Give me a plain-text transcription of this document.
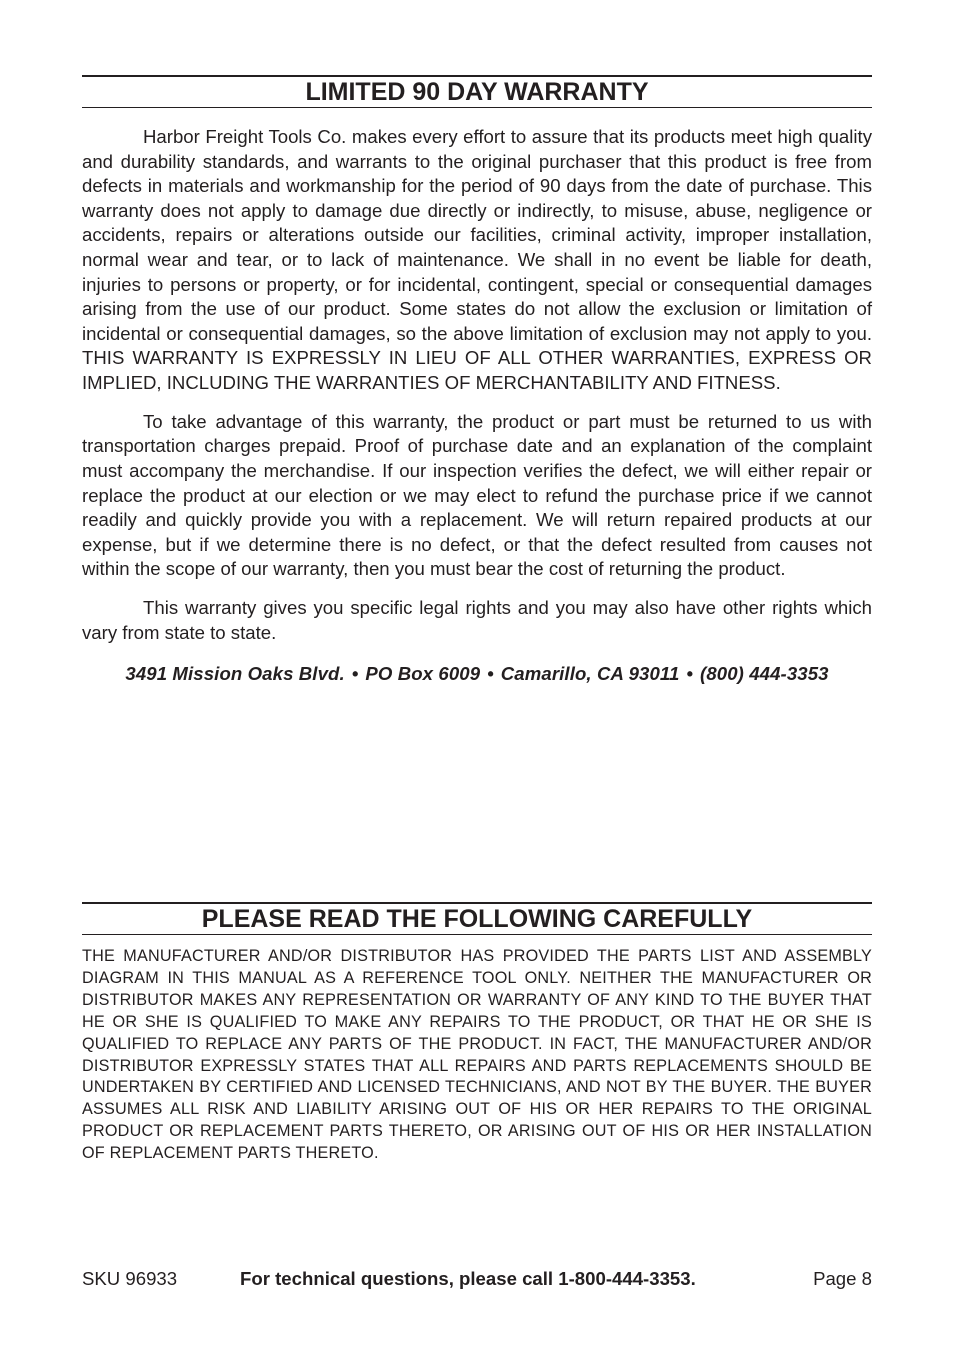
LIMITED 90 DAY WARRANTY

Harbor Freight Tools Co. makes every effort to assure that its products meet high quality and durability standards, and warrants to the original purchaser that this product is free from defects in materials and workmanship for the period of 90 days from the date of purchase. This warranty does not apply to damage due directly or indirectly, to misuse, abuse, negligence or accidents, repairs or alterations outside our facilities, criminal activity, improper installation, normal wear and tear, or to lack of maintenance. We shall in no event be liable for death, injuries to persons or property, or for incidental, contingent, special or consequential damages arising from the use of our product. Some states do not allow the exclusion or limitation of incidental or consequential damages, so the above limitation of exclusion may not apply to you. THIS WARRANTY IS EXPRESSLY IN LIEU OF ALL OTHER WARRANTIES, EXPRESS OR IMPLIED, INCLUDING THE WARRANTIES OF MERCHANTABILITY AND FITNESS.

To take advantage of this warranty, the product or part must be returned to us with transportation charges prepaid. Proof of purchase date and an explanation of the complaint must accompany the merchandise. If our inspection verifies the defect, we will either repair or replace the product at our election or we may elect to refund the purchase price if we cannot readily and quickly provide you with a replacement. We will return repaired products at our expense, but if we determine there is no defect, or that the defect resulted from causes not within the scope of our warranty, then you must bear the cost of returning the product.

This warranty gives you specific legal rights and you may also have other rights which vary from state to state.

3491 Mission Oaks Blvd. • PO Box 6009 • Camarillo, CA 93011 • (800) 444-3353
PLEASE READ THE FOLLOWING CAREFULLY

THE MANUFACTURER AND/OR DISTRIBUTOR HAS PROVIDED THE PARTS LIST AND ASSEMBLY DIAGRAM IN THIS MANUAL AS A REFERENCE TOOL ONLY. NEITHER THE MANUFACTURER OR DISTRIBUTOR MAKES ANY REPRESENTATION OR WARRANTY OF ANY KIND TO THE BUYER THAT HE OR SHE IS QUALIFIED TO MAKE ANY REPAIRS TO THE PRODUCT, OR THAT HE OR SHE IS QUALIFIED TO REPLACE ANY PARTS OF THE PRODUCT. IN FACT, THE MANUFACTURER AND/OR DISTRIBUTOR EXPRESSLY STATES THAT ALL REPAIRS AND PARTS REPLACEMENTS SHOULD BE UNDERTAKEN BY CERTIFIED AND LICENSED TECHNICIANS, AND NOT BY THE BUYER. THE BUYER ASSUMES ALL RISK AND LIABILITY ARISING OUT OF HIS OR HER REPAIRS TO THE ORIGINAL PRODUCT OR REPLACEMENT PARTS THERETO, OR ARISING OUT OF HIS OR HER INSTALLATION OF REPLACEMENT PARTS THERETO.

SKU 96933	For technical questions, please call 1-800-444-3353.	Page 8
